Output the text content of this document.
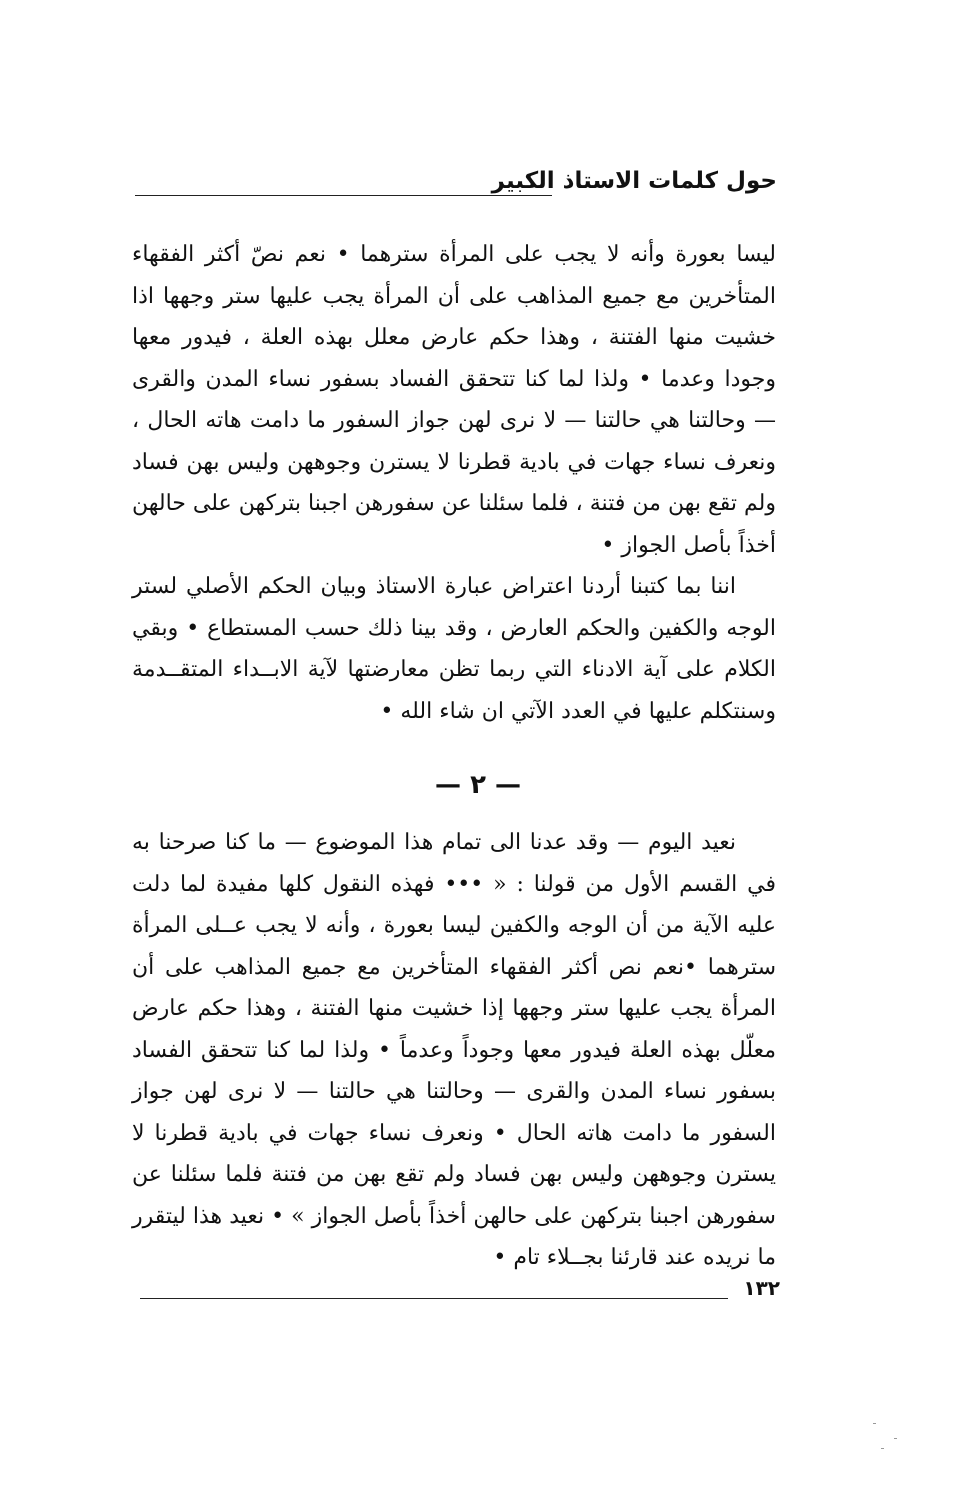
حول كلمات الاستاذ الكبير

ليسا بعورة وأنه لا يجب على المرأة سترهما • نعم نصّ أكثر الفقهاء المتأخرين مع جميع المذاهب على أن المرأة يجب عليها ستر وجهها اذا خشيت منها الفتنة ، وهذا حكم عارض معلل بهذه العلة ، فيدور معها وجودا وعدما • ولذا لما كنا تتحقق الفساد بسفور نساء المدن والقرى — وحالتنا هي حالتنا — لا نرى لهن جواز السفور ما دامت هاته الحال ، ونعرف نساء جهات في بادية قطرنا لا يسترن وجوههن وليس بهن فساد ولم تقع بهن من فتنة ، فلما سئلنا عن سفورهن اجبنا بتركهن على حالهن أخذاً بأصل الجواز •

اننا بما كتبنا أردنا اعتراض عبارة الاستاذ وبيان الحكم الأصلي لستر الوجه والكفين والحكم العارض ، وقد بينا ذلك حسب المستطاع • وبقي الكلام على آية الادناء التي ربما تظن معارضتها لآية الابــداء المتقــدمة وسنتكلم عليها في العدد الآتي ان شاء الله •

— ٢ —

نعيد اليوم — وقد عدنا الى تمام هذا الموضوع — ما كنا صرحنا به في القسم الأول من قولنا : « ••• فهذه النقول كلها مفيدة لما دلت عليه الآية من أن الوجه والكفين ليسا بعورة ، وأنه لا يجب عــلى المرأة سترهما •نعم نص أكثر الفقهاء المتأخرين مع جميع المذاهب على أن المرأة يجب عليها ستر وجهها إذا خشيت منها الفتنة ، وهذا حكم عارض معلّل بهذه العلة فيدور معها وجوداً وعدماً • ولذا لما كنا تتحقق الفساد بسفور نساء المدن والقرى — وحالتنا هي حالتنا — لا نرى لهن جواز السفور ما دامت هاته الحال • ونعرف نساء جهات في بادية قطرنا لا يسترن وجوههن وليس بهن فساد ولم تقع بهن من فتنة فلما سئلنا عن سفورهن اجبنا بتركهن على حالهن أخذاً بأصل الجواز » • نعيد هذا ليتقرر ما نريده عند قارئنا بجــلاء تام •

١٣٢
